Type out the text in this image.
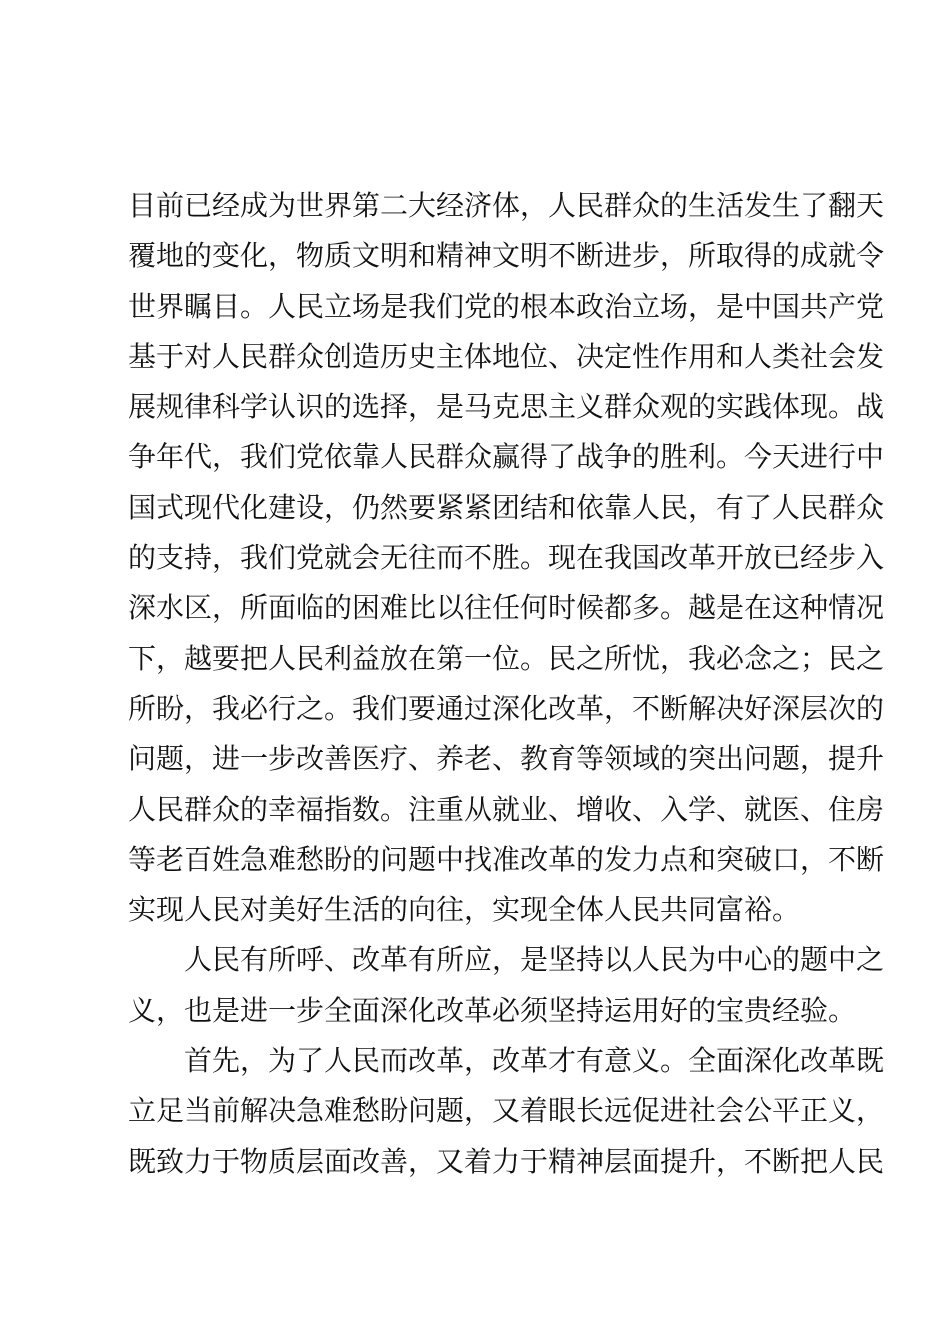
目前已经成为世界第二大经济体，人民群众的生活发生了翻天
覆地的变化，物质文明和精神文明不断进步，所取得的成就令
世界瞩目。人民立场是我们党的根本政治立场，是中国共产党
基于对人民群众创造历史主体地位、决定性作用和人类社会发
展规律科学认识的选择，是马克思主义群众观的实践体现。战
争年代，我们党依靠人民群众赢得了战争的胜利。今天进行中
国式现代化建设，仍然要紧紧团结和依靠人民，有了人民群众
的支持，我们党就会无往而不胜。现在我国改革开放已经步入
深水区，所面临的困难比以往任何时候都多。越是在这种情况
下，越要把人民利益放在第一位。民之所忧，我必念之；民之
所盼，我必行之。我们要通过深化改革，不断解决好深层次的
问题，进一步改善医疗、养老、教育等领域的突出问题，提升
人民群众的幸福指数。注重从就业、增收、入学、就医、住房
等老百姓急难愁盼的问题中找准改革的发力点和突破口，不断
实现人民对美好生活的向往，实现全体人民共同富裕。
　　人民有所呼、改革有所应，是坚持以人民为中心的题中之
义，也是进一步全面深化改革必须坚持运用好的宝贵经验。
　　首先，为了人民而改革，改革才有意义。全面深化改革既
立足当前解决急难愁盼问题，又着眼长远促进社会公平正义，
既致力于物质层面改善，又着力于精神层面提升，不断把人民
